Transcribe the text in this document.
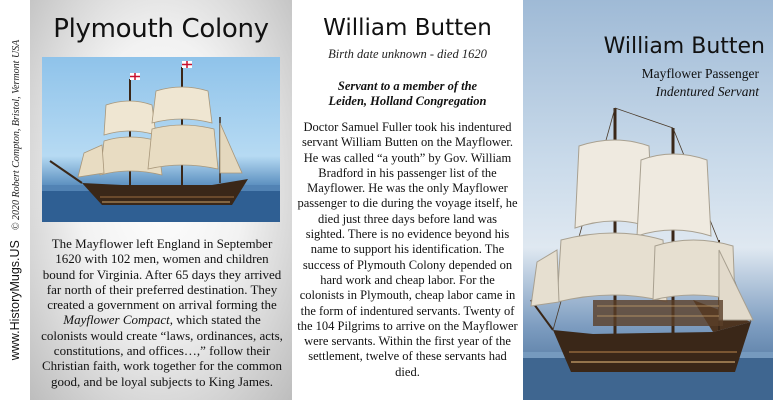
www.HistoryMugs.US
© 2020 Robert Compton, Bristol, Vermont USA
Plymouth Colony
The Mayflower left England in September 1620 with 102 men, women and children bound for Virginia. After 65 days they arrived far north of their preferred destination. They created a government on arrival forming the Mayflower Compact, which stated the colonists would create “laws, ordinances, acts, constitutions, and offices…,” follow their Christian faith, work together for the common good, and be loyal subjects to King James.
William Butten
Birth date unknown - died 1620
Servant to a member of the
Leiden, Holland Congregation
Doctor Samuel Fuller took his indentured servant William Butten on the Mayflower. He was called “a youth” by Gov. William Bradford in his passenger list of the Mayflower. He was the only Mayflower passenger to die during the voyage itself, he died just three days before land was sighted. There is no evidence beyond his name to support his identification. The success of Plymouth Colony depended on hard work and cheap labor. For the colonists in Plymouth, cheap labor came in the form of indentured servants. Twenty of the 104 Pilgrims to arrive on the Mayflower were servants. Within the first year of the settlement, twelve of these servants had died.
William Butten
Mayflower Passenger
Indentured Servant
